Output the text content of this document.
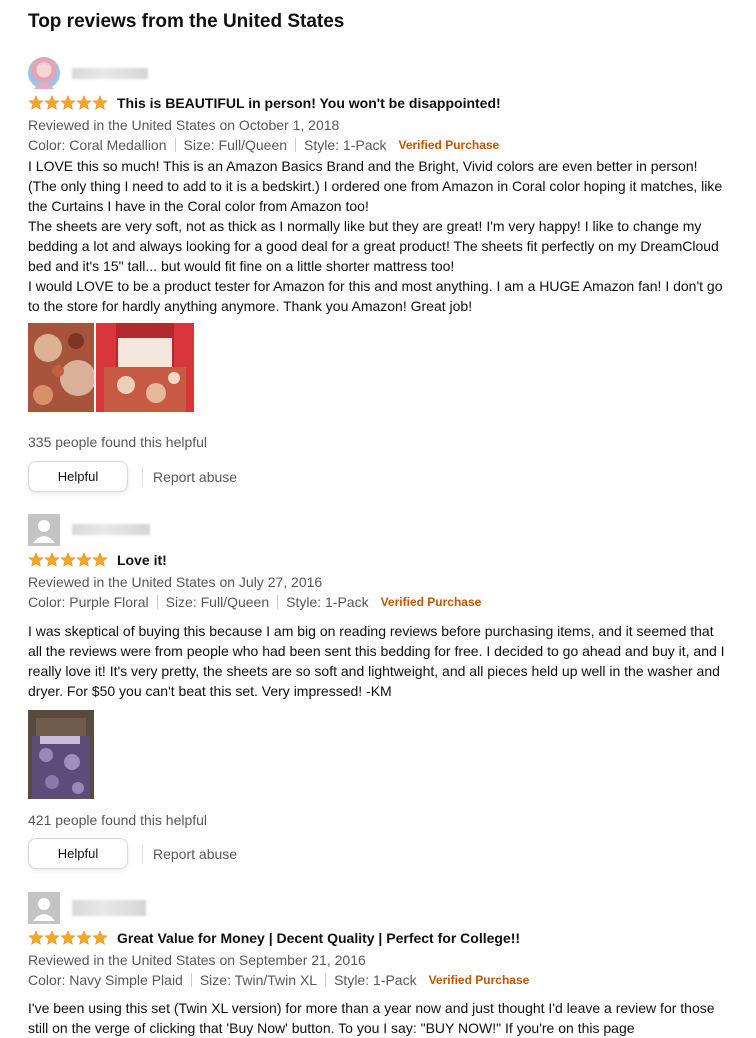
Top reviews from the United States
This is BEAUTIFUL in person! You won't be disappointed!
Reviewed in the United States on October 1, 2018
Color: Coral Medallion Size: Full/Queen Style: 1-Pack Verified Purchase

I LOVE this so much! This is an Amazon Basics Brand and the Bright, Vivid colors are even better in person! (The only thing I need to add to it is a bedskirt.) I ordered one from Amazon in Coral color hoping it matches, like the Curtains I have in the Coral color from Amazon too!

The sheets are very soft, not as thick as I normally like but they are great! I'm very happy! I like to change my bedding a lot and always looking for a good deal for a great product! The sheets fit perfectly on my DreamCloud bed and it's 15" tall... but would fit fine on a little shorter mattress too!

I would LOVE to be a product tester for Amazon for this and most anything. I am a HUGE Amazon fan! I don't go to the store for hardly anything anymore. Thank you Amazon! Great job!

335 people found this helpful
Helpful	Report abuse
Love it!
Reviewed in the United States on July 27, 2016
Color: Purple Floral Size: Full/Queen Style: 1-Pack Verified Purchase

I was skeptical of buying this because I am big on reading reviews before purchasing items, and it seemed that all the reviews were from people who had been sent this bedding for free. I decided to go ahead and buy it, and I really love it! It's very pretty, the sheets are so soft and lightweight, and all pieces held up well in the washer and dryer. For $50 you can't beat this set. Very impressed! -KM

421 people found this helpful
Helpful	Report abuse
Great Value for Money | Decent Quality | Perfect for College!!
Reviewed in the United States on September 21, 2016
Color: Navy Simple Plaid Size: Twin/Twin XL Style: 1-Pack Verified Purchase

I've been using this set (Twin XL version) for more than a year now and just thought I'd leave a review for those still on the verge of clicking that 'Buy Now' button. To you I say: "BUY NOW!" If you're on this page
